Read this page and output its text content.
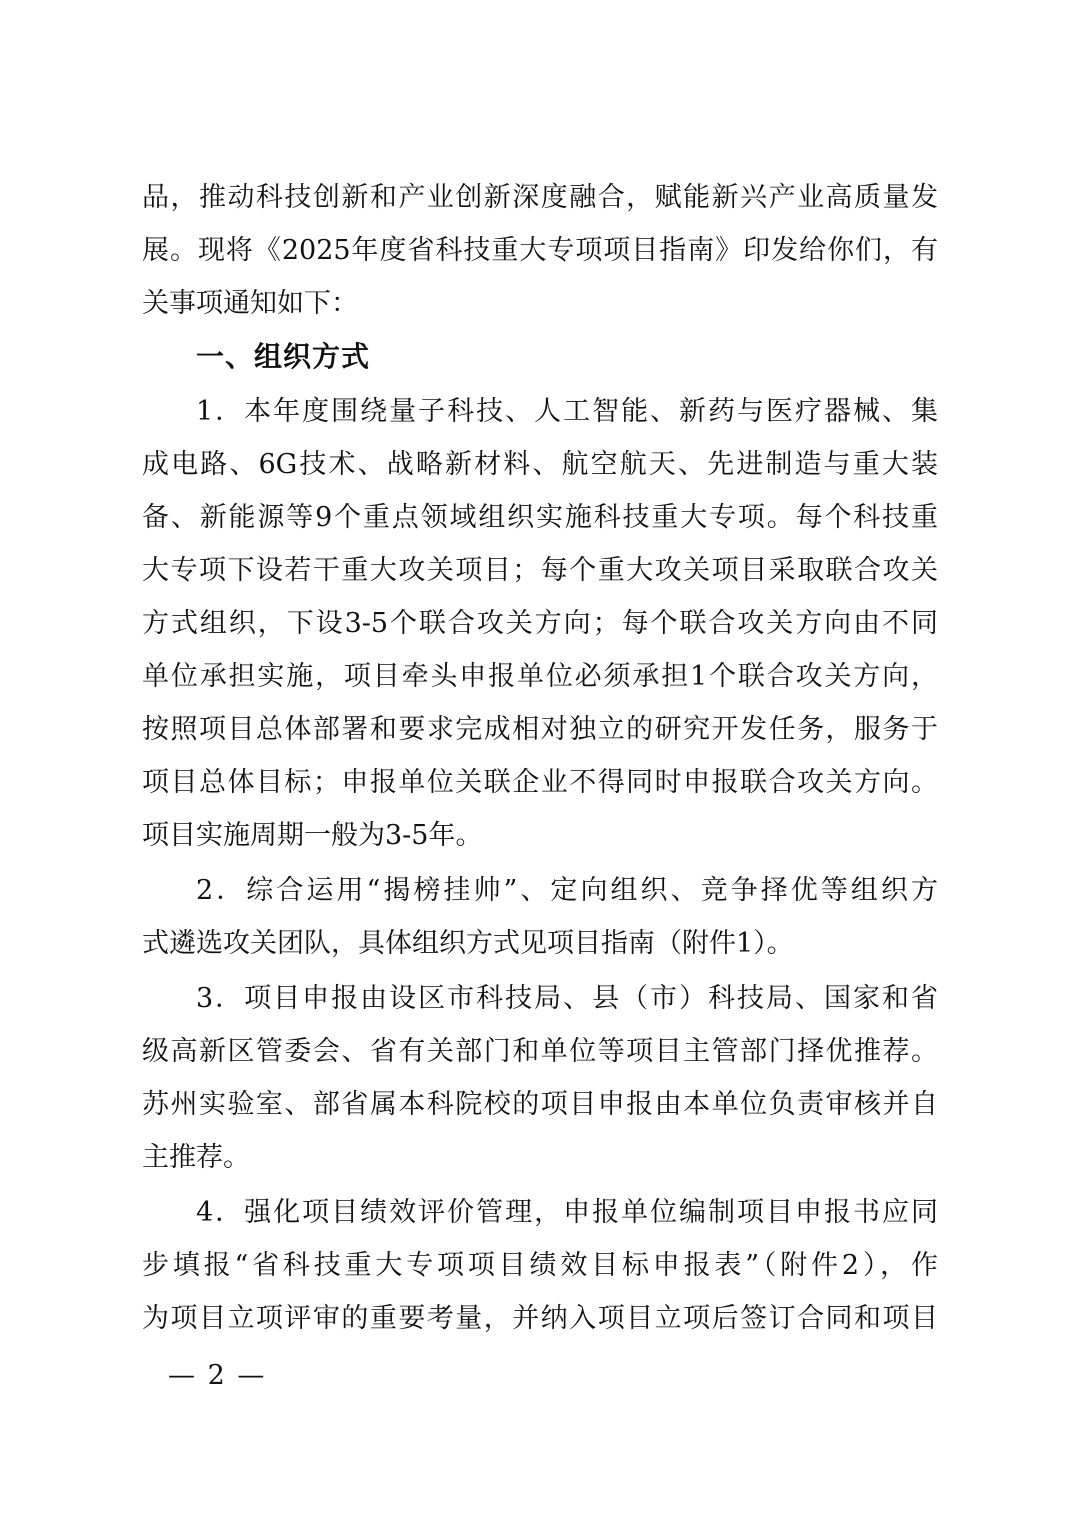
品，推动科技创新和产业创新深度融合，赋能新兴产业高质量发
展。现将《2025年度省科技重大专项项目指南》印发给你们，有
关事项通知如下：
一、组织方式
1．本年度围绕量子科技、人工智能、新药与医疗器械、集
成电路、6G技术、战略新材料、航空航天、先进制造与重大装
备、新能源等9个重点领域组织实施科技重大专项。每个科技重
大专项下设若干重大攻关项目；每个重大攻关项目采取联合攻关
方式组织，下设3-5个联合攻关方向；每个联合攻关方向由不同
单位承担实施，项目牵头申报单位必须承担1个联合攻关方向，
按照项目总体部署和要求完成相对独立的研究开发任务，服务于
项目总体目标；申报单位关联企业不得同时申报联合攻关方向。
项目实施周期一般为3-5年。
2．综合运用“揭榜挂帅”、定向组织、竞争择优等组织方
式遴选攻关团队，具体组织方式见项目指南（附件1）。
3．项目申报由设区市科技局、县（市）科技局、国家和省
级高新区管委会、省有关部门和单位等项目主管部门择优推荐。
苏州实验室、部省属本科院校的项目申报由本单位负责审核并自
主推荐。
4．强化项目绩效评价管理，申报单位编制项目申报书应同
步填报“省科技重大专项项目绩效目标申报表”（附件2），作
为项目立项评审的重要考量，并纳入项目立项后签订合同和项目
— 2 —
